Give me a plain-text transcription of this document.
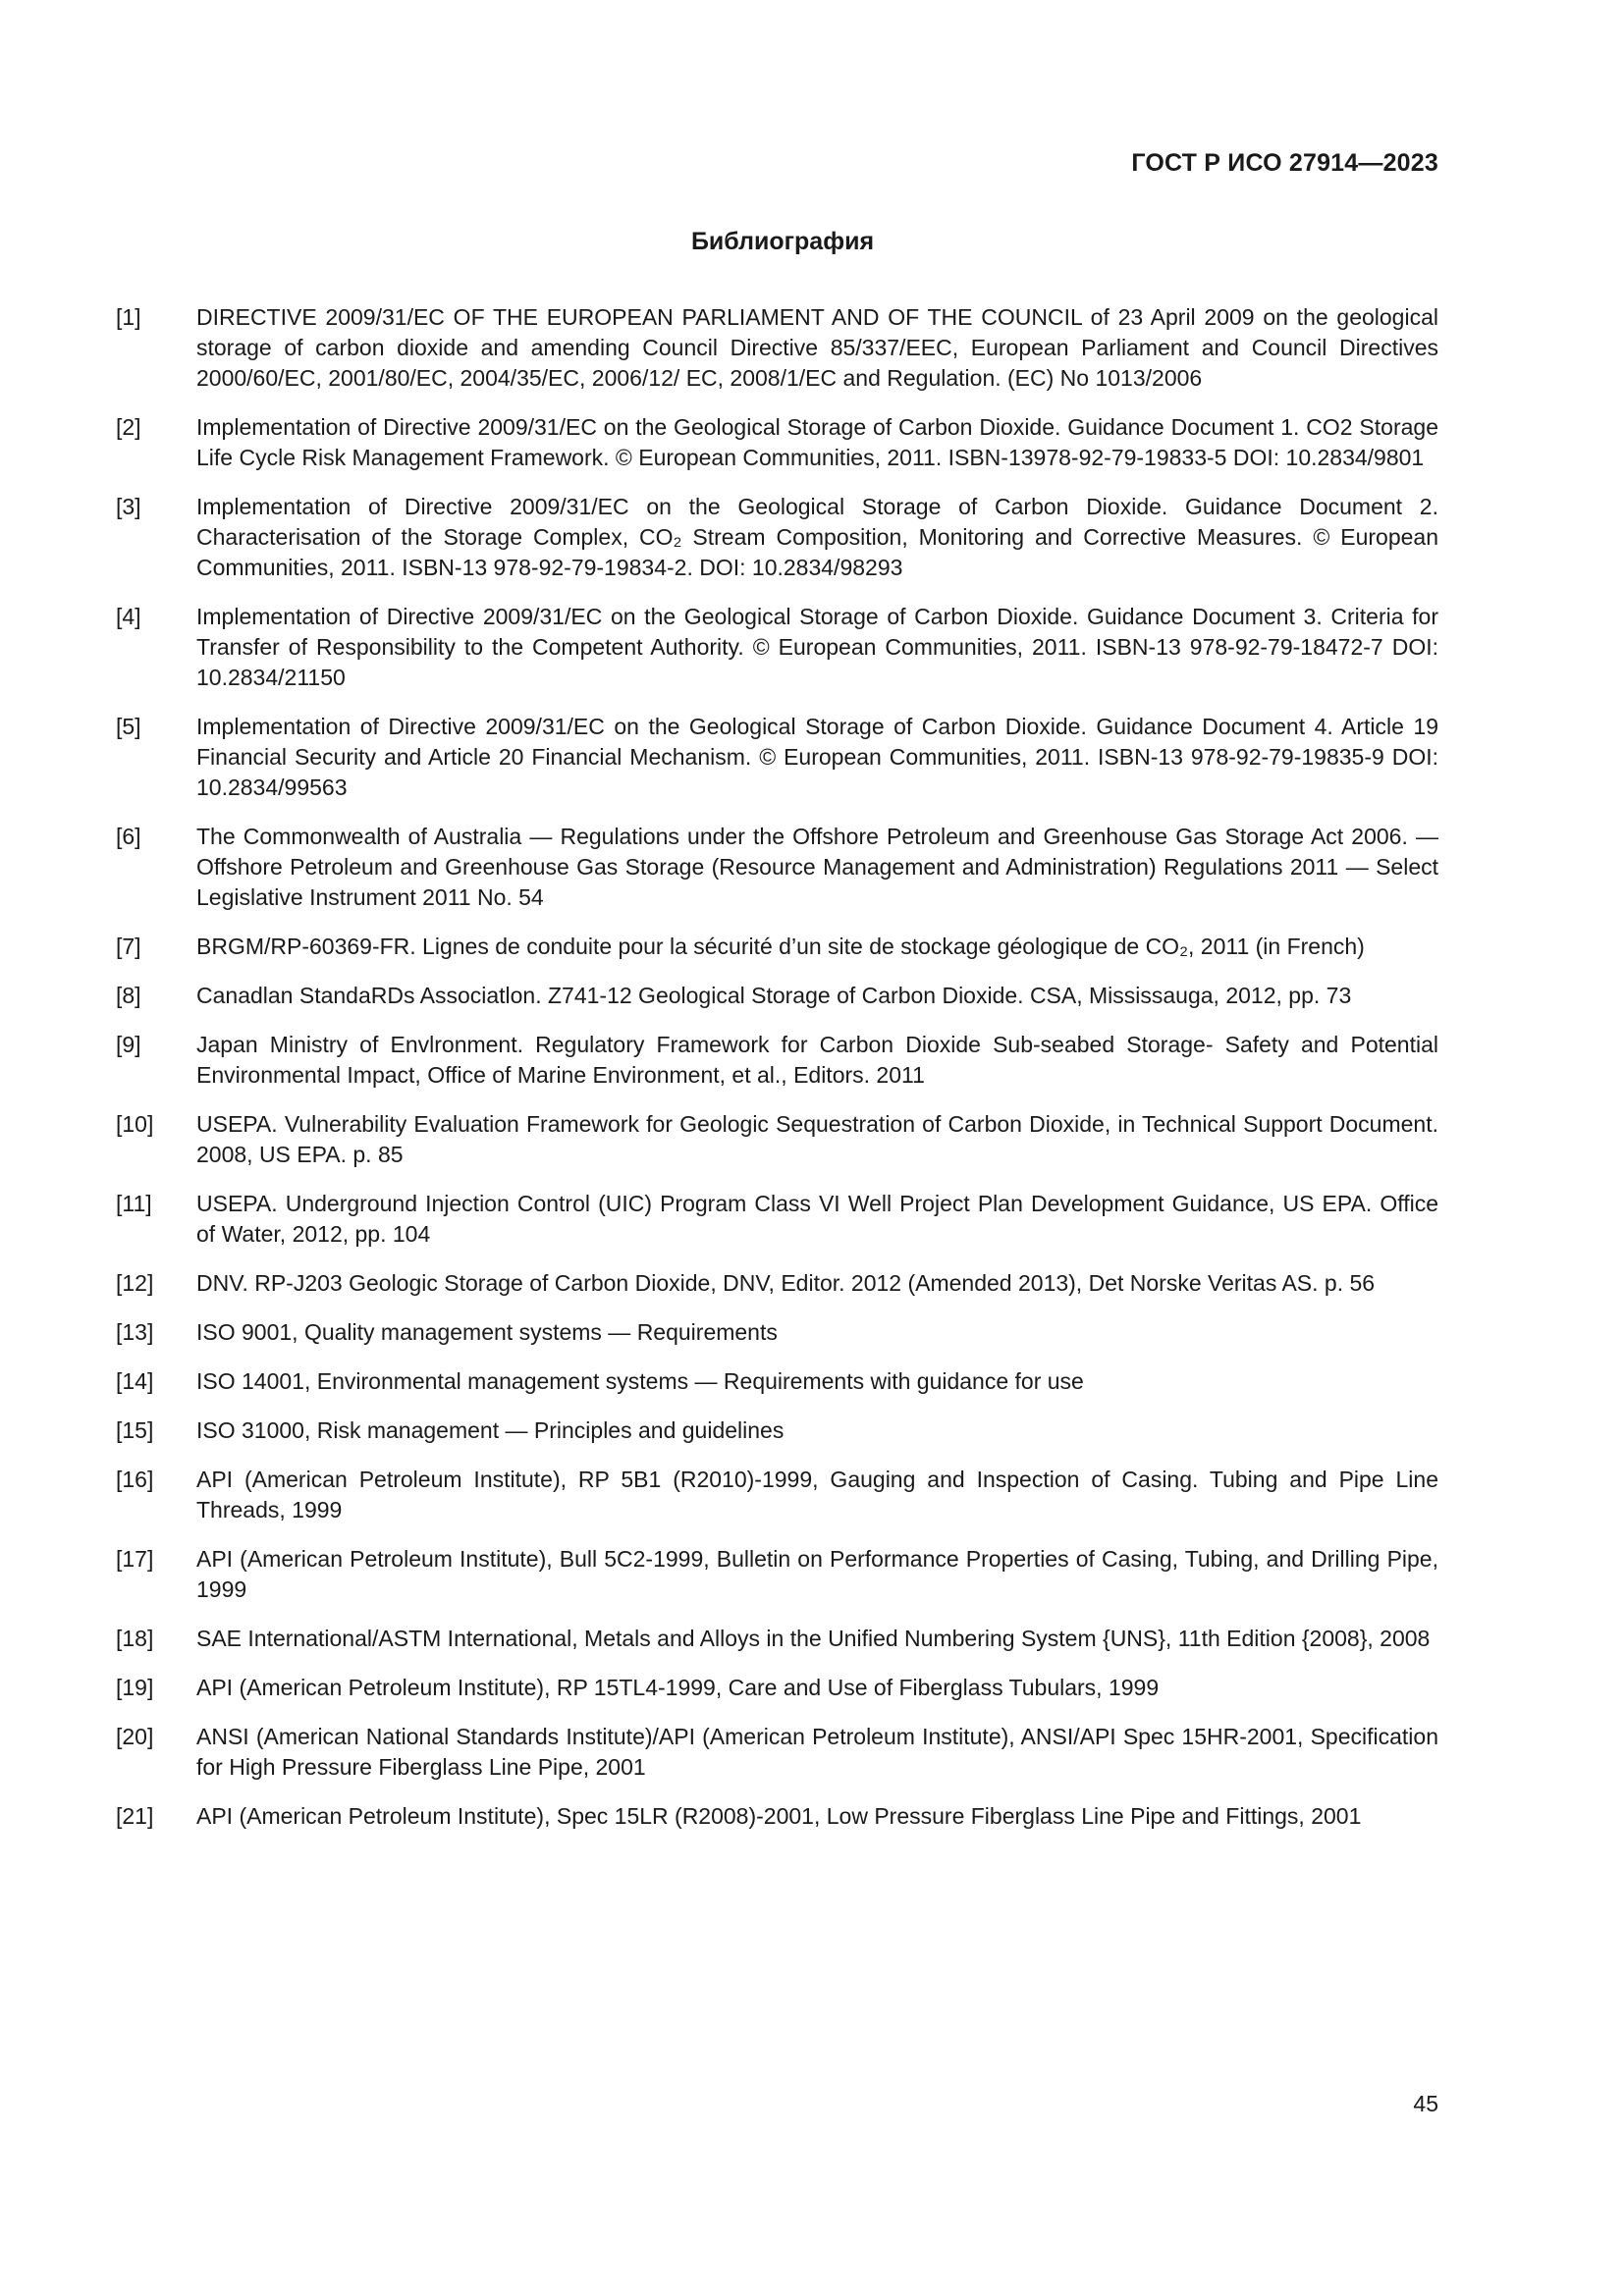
ГОСТ Р ИСО 27914—2023
Библиография
[1] DIRECTIVE 2009/31/EC OF THE EUROPEAN PARLIAMENT AND OF THE COUNCIL of 23 April 2009 on the geological storage of carbon dioxide and amending Council Directive 85/337/EEC, European Parliament and Council Directives 2000/60/EC, 2001/80/EC, 2004/35/EC, 2006/12/ EC, 2008/1/EC and Regulation. (EC) No 1013/2006
[2] Implementation of Directive 2009/31/EC on the Geological Storage of Carbon Dioxide. Guidance Document 1. CO2 Storage Life Cycle Risk Management Framework. © European Communities, 2011. ISBN-13978-92-79-19833-5 DOI: 10.2834/9801
[3] Implementation of Directive 2009/31/EC on the Geological Storage of Carbon Dioxide. Guidance Document 2. Characterisation of the Storage Complex, CO₂ Stream Composition, Monitoring and Corrective Measures. © European Communities, 2011. ISBN-13 978-92-79-19834-2. DOI: 10.2834/98293
[4] Implementation of Directive 2009/31/EC on the Geological Storage of Carbon Dioxide. Guidance Document 3. Criteria for Transfer of Responsibility to the Competent Authority. © European Communities, 2011. ISBN-13 978-92-79-18472-7 DOI: 10.2834/21150
[5] Implementation of Directive 2009/31/EC on the Geological Storage of Carbon Dioxide. Guidance Document 4. Article 19 Financial Security and Article 20 Financial Mechanism. © European Communities, 2011. ISBN-13 978-92-79-19835-9 DOI: 10.2834/99563
[6] The Commonwealth of Australia — Regulations under the Offshore Petroleum and Greenhouse Gas Storage Act 2006. — Offshore Petroleum and Greenhouse Gas Storage (Resource Management and Administration) Regulations 2011 — Select Legislative Instrument 2011 No. 54
[7] BRGM/RP-60369-FR. Lignes de conduite pour la sécurité d’un site de stockage géologique de CO₂, 2011 (in French)
[8] Canadlan StandaRDs Associatlon. Z741-12 Geological Storage of Carbon Dioxide. CSA, Mississauga, 2012, pp. 73
[9] Japan Ministry of Envlronment. Regulatory Framework for Carbon Dioxide Sub-seabed Storage- Safety and Potential Environmental Impact, Office of Marine Environment, et al., Editors. 2011
[10] USEPA. Vulnerability Evaluation Framework for Geologic Sequestration of Carbon Dioxide, in Technical Support Document. 2008, US EPA. p. 85
[11] USEPA. Underground Injection Control (UIC) Program Class VI Well Project Plan Development Guidance, US EPA. Office of Water, 2012, pp. 104
[12] DNV. RP-J203 Geologic Storage of Carbon Dioxide, DNV, Editor. 2012 (Amended 2013), Det Norske Veritas AS. p. 56
[13] ISO 9001, Quality management systems — Requirements
[14] ISO 14001, Environmental management systems — Requirements with guidance for use
[15] ISO 31000, Risk management — Principles and guidelines
[16] API (American Petroleum Institute), RP 5B1 (R2010)-1999, Gauging and Inspection of Casing. Tubing and Pipe Line Threads, 1999
[17] API (American Petroleum Institute), Bull 5C2-1999, Bulletin on Performance Properties of Casing, Tubing, and Drilling Pipe, 1999
[18] SAE International/ASTM International, Metals and Alloys in the Unified Numbering System {UNS}, 11th Edition {2008}, 2008
[19] API (American Petroleum Institute), RP 15TL4-1999, Care and Use of Fiberglass Tubulars, 1999
[20] ANSI (American National Standards Institute)/API (American Petroleum Institute), ANSI/API Spec 15HR-2001, Specification for High Pressure Fiberglass Line Pipe, 2001
[21] API (American Petroleum Institute), Spec 15LR (R2008)-2001, Low Pressure Fiberglass Line Pipe and Fittings, 2001
45
